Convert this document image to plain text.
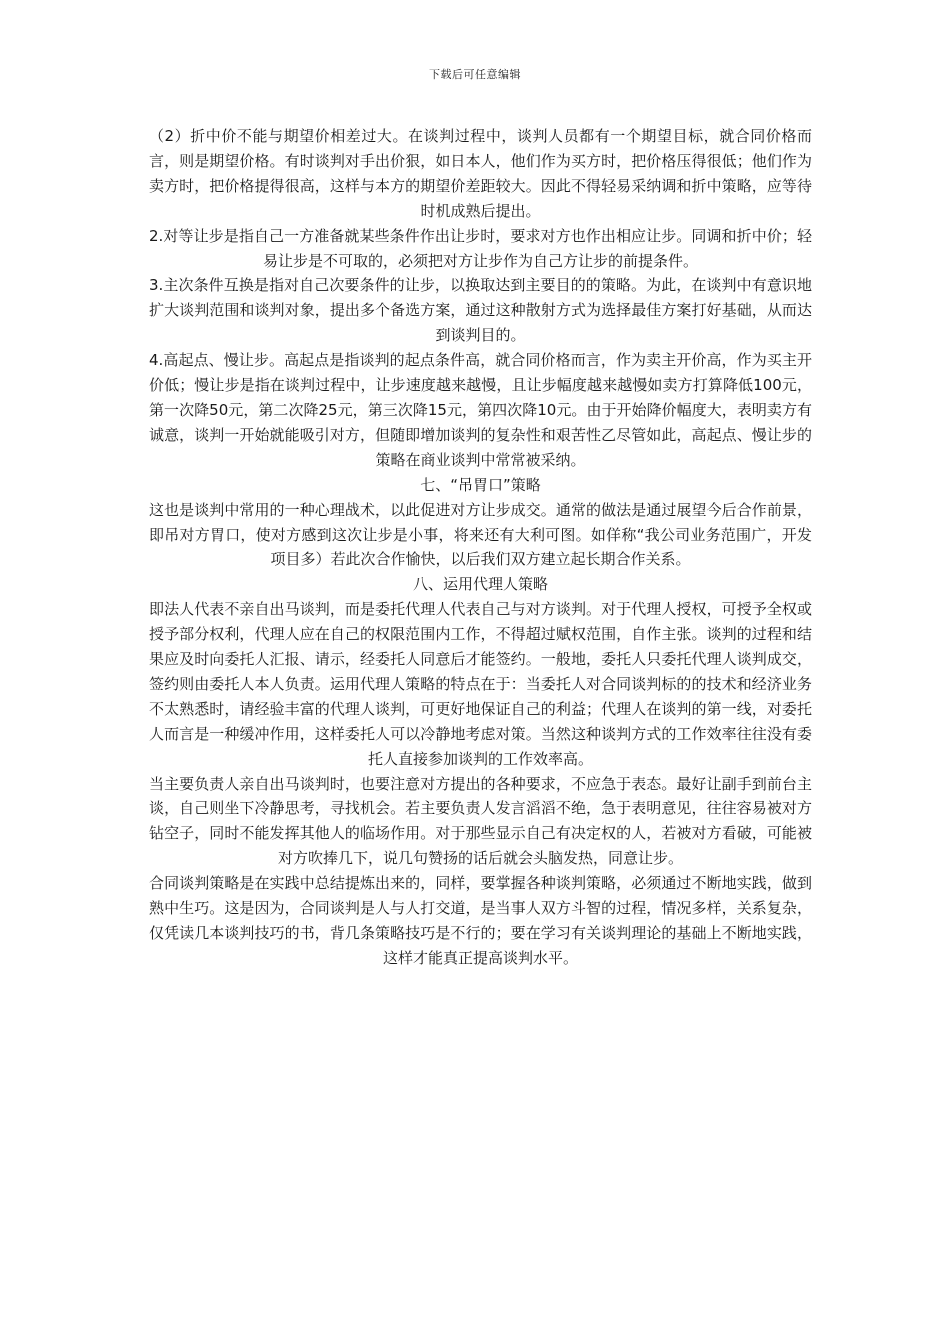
下载后可任意编辑

（2）折中价不能与期望价相差过大。在谈判过程中，谈判人员都有一个期望目标，就合同价格而言，则是期望价格。有时谈判对手出价狠，如日本人，他们作为买方时，把价格压得很低；他们作为卖方时，把价格提得很高，这样与本方的期望价差距较大。因此不得轻易采纳调和折中策略，应等待时机成熟后提出。

2.对等让步是指自己一方准备就某些条件作出让步时，要求对方也作出相应让步。同调和折中价；轻易让步是不可取的，必须把对方让步作为自己方让步的前提条件。

3.主次条件互换是指对自己次要条件的让步，以换取达到主要目的的策略。为此，在谈判中有意识地扩大谈判范围和谈判对象，提出多个备选方案，通过这种散射方式为选择最佳方案打好基础，从而达到谈判目的。

4.高起点、慢让步。高起点是指谈判的起点条件高，就合同价格而言，作为卖主开价高，作为买主开价低；慢让步是指在谈判过程中，让步速度越来越慢，且让步幅度越来越慢如卖方打算降低100元，第一次降50元，第二次降25元，第三次降15元，第四次降10元。由于开始降价幅度大，表明卖方有诚意，谈判一开始就能吸引对方，但随即增加谈判的复杂性和艰苦性乙尽管如此，高起点、慢让步的策略在商业谈判中常常被采纳。

七、“吊胃口”策略

这也是谈判中常用的一种心理战术，以此促进对方让步成交。通常的做法是通过展望今后合作前景，即吊对方胃口，使对方感到这次让步是小事，将来还有大利可图。如佯称“我公司业务范围广，开发项目多）若此次合作愉快，以后我们双方建立起长期合作关系。

八、运用代理人策略

即法人代表不亲自出马谈判，而是委托代理人代表自己与对方谈判。对于代理人授权，可授予全权或授予部分权利，代理人应在自己的权限范围内工作，不得超过赋权范围，自作主张。谈判的过程和结果应及时向委托人汇报、请示，经委托人同意后才能签约。一般地，委托人只委托代理人谈判成交，签约则由委托人本人负责。运用代理人策略的特点在于：当委托人对合同谈判标的的技术和经济业务不太熟悉时，请经验丰富的代理人谈判，可更好地保证自己的利益；代理人在谈判的第一线，对委托人而言是一种缓冲作用，这样委托人可以冷静地考虑对策。当然这种谈判方式的工作效率往往没有委托人直接参加谈判的工作效率高。

当主要负责人亲自出马谈判时，也要注意对方提出的各种要求，不应急于表态。最好让副手到前台主谈，自己则坐下冷静思考，寻找机会。若主要负责人发言滔滔不绝，急于表明意见，往往容易被对方钻空子，同时不能发挥其他人的临场作用。对于那些显示自己有决定权的人，若被对方看破，可能被对方吹捧几下，说几句赞扬的话后就会头脑发热，同意让步。

合同谈判策略是在实践中总结提炼出来的，同样，要掌握各种谈判策略，必须通过不断地实践，做到熟中生巧。这是因为，合同谈判是人与人打交道，是当事人双方斗智的过程，情况多样，关系复杂，仅凭读几本谈判技巧的书，背几条策略技巧是不行的；要在学习有关谈判理论的基础上不断地实践，这样才能真正提高谈判水平。
